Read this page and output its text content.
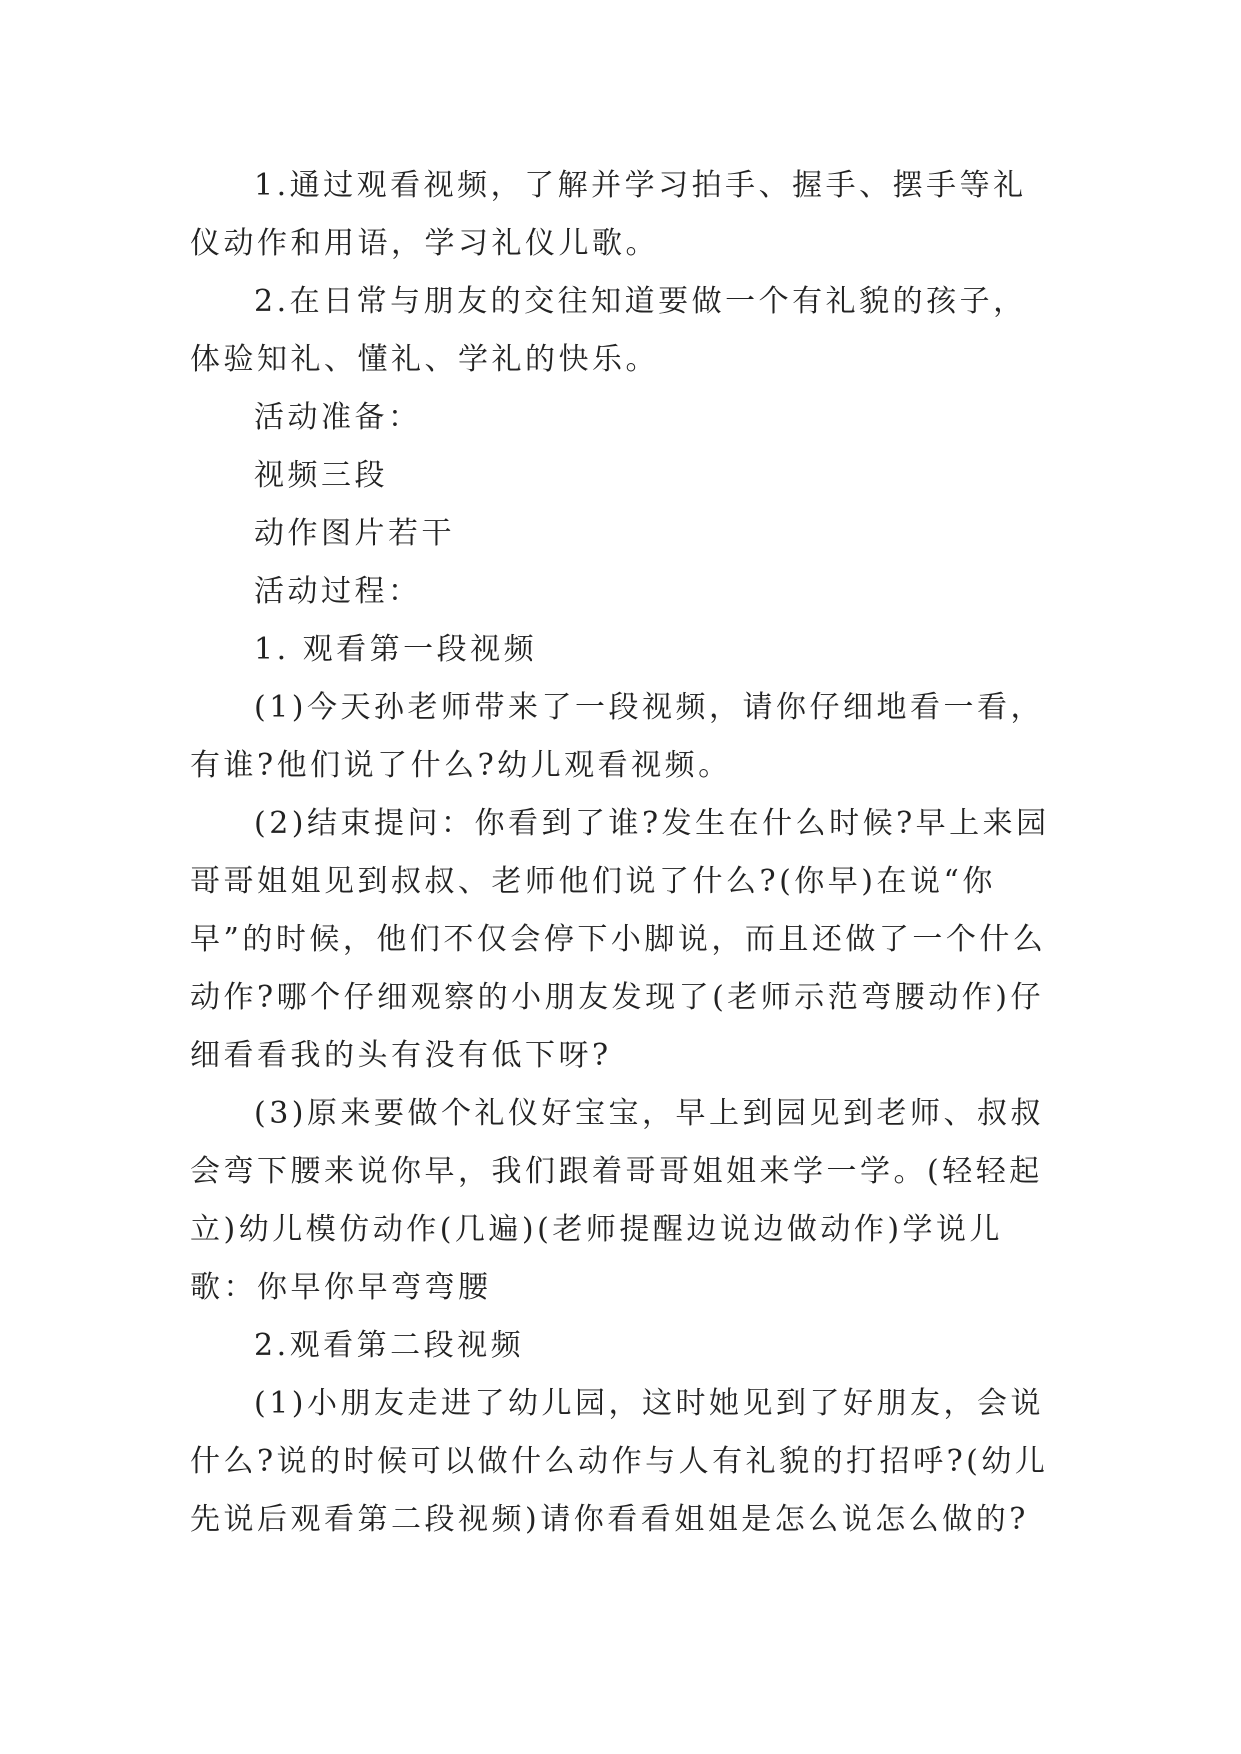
1.通过观看视频，了解并学习拍手、握手、摆手等礼仪动作和用语，学习礼仪儿歌。

2.在日常与朋友的交往知道要做一个有礼貌的孩子，体验知礼、懂礼、学礼的快乐。

活动准备：

视频三段

动作图片若干

活动过程：

1. 观看第一段视频

(1)今天孙老师带来了一段视频，请你仔细地看一看，有谁?他们说了什么?幼儿观看视频。

(2)结束提问：你看到了谁?发生在什么时候?早上来园哥哥姐姐见到叔叔、老师他们说了什么?(你早)在说“你早”的时候，他们不仅会停下小脚说，而且还做了一个什么动作?哪个仔细观察的小朋友发现了(老师示范弯腰动作)仔细看看我的头有没有低下呀?

(3)原来要做个礼仪好宝宝，早上到园见到老师、叔叔会弯下腰来说你早，我们跟着哥哥姐姐来学一学。(轻轻起立)幼儿模仿动作(几遍)(老师提醒边说边做动作)学说儿歌：你早你早弯弯腰

2.观看第二段视频

(1)小朋友走进了幼儿园，这时她见到了好朋友，会说什么?说的时候可以做什么动作与人有礼貌的打招呼?(幼儿先说后观看第二段视频)请你看看姐姐是怎么说怎么做的?
